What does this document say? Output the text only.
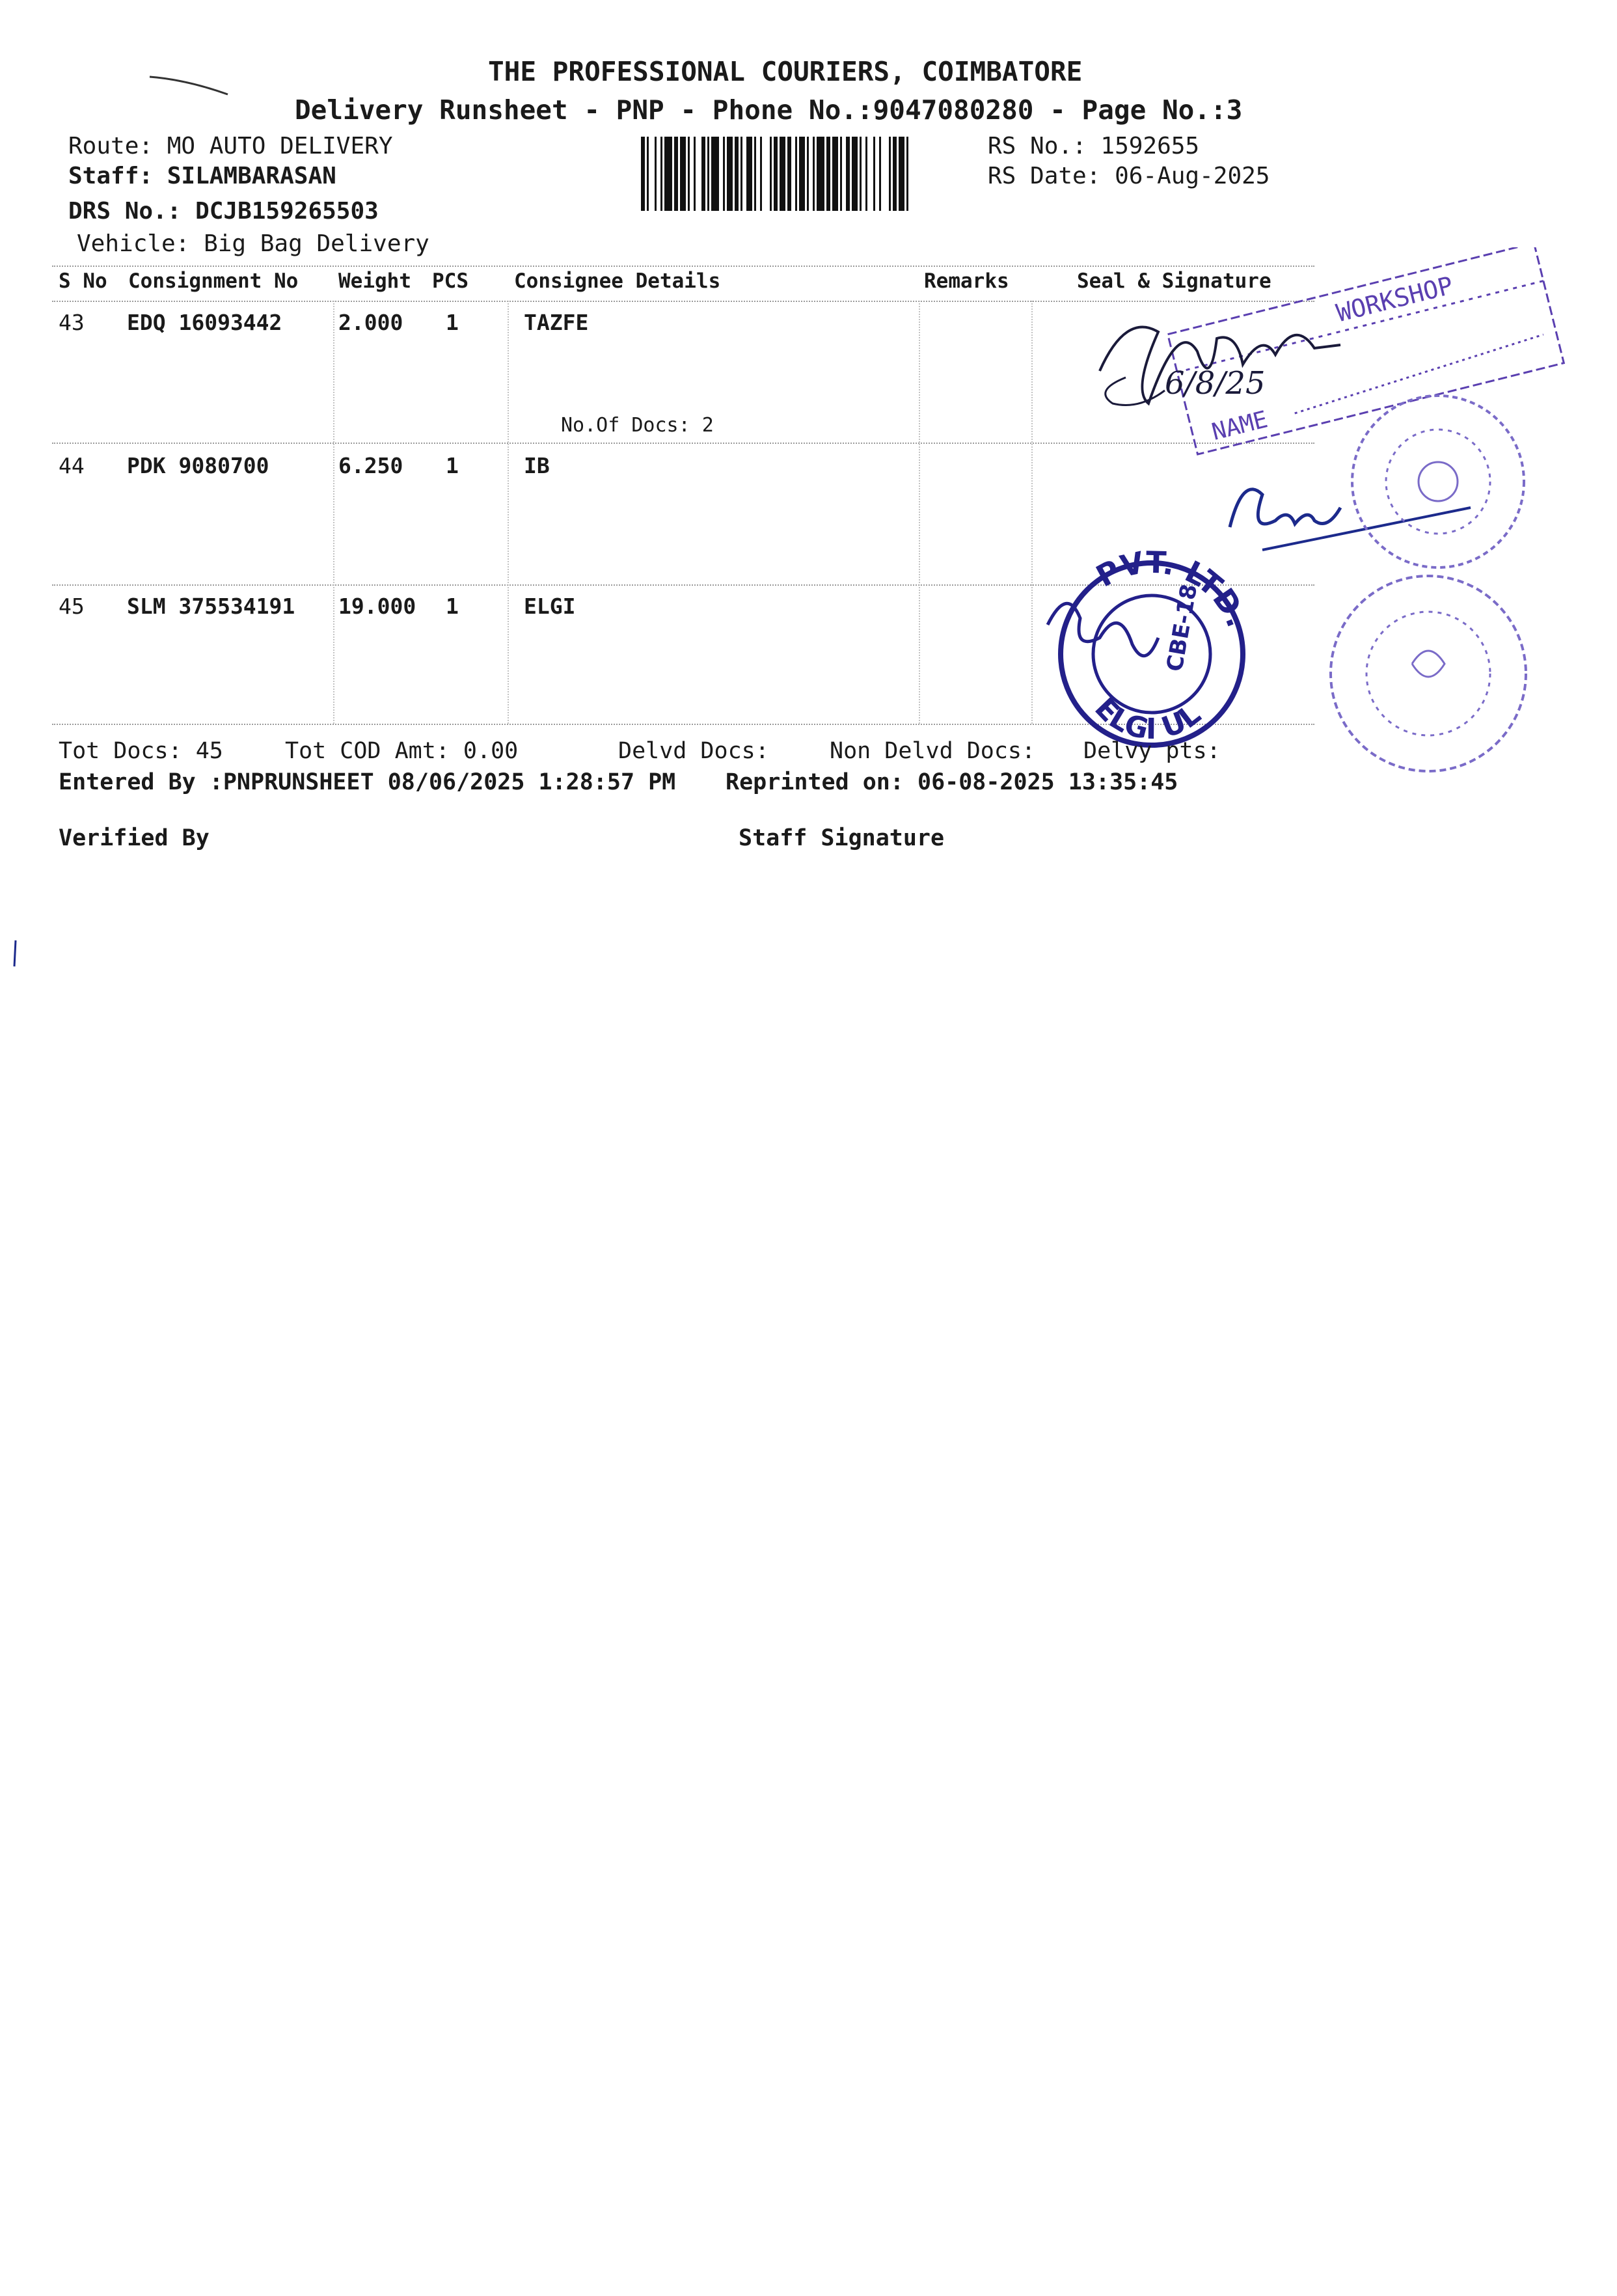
THE PROFESSIONAL COURIERS, COIMBATORE
Delivery Runsheet - PNP - Phone No.:9047080280 - Page No.:3
Route: MO AUTO DELIVERY
Staff: SILAMBARASAN
DRS No.: DCJB159265503
Vehicle: Big Bag Delivery
RS No.: 1592655
RS Date: 06-Aug-2025
S No Consignment No Weight PCS Consignee Details	Remarks	Seal & Signature
43 EDQ 16093442	2.000 1	TAZFE
No.Of Docs: 2
44 PDK 9080700	6.250 1	IB
45 SLM 375534191 19.000 1	ELGI
WORKSHOP
NAME
6/8/25
PVT. LTD.
ELGI UL
CBE-18
Tot Docs: 45	Tot COD Amt: 0.00	Delvd Docs:	Non Delvd Docs: Delvy pts:
Entered By :PNPRUNSHEET 08/06/2025 1:28:57 PM Reprinted on: 06-08-2025 13:35:45
Verified By	Staff Signature
